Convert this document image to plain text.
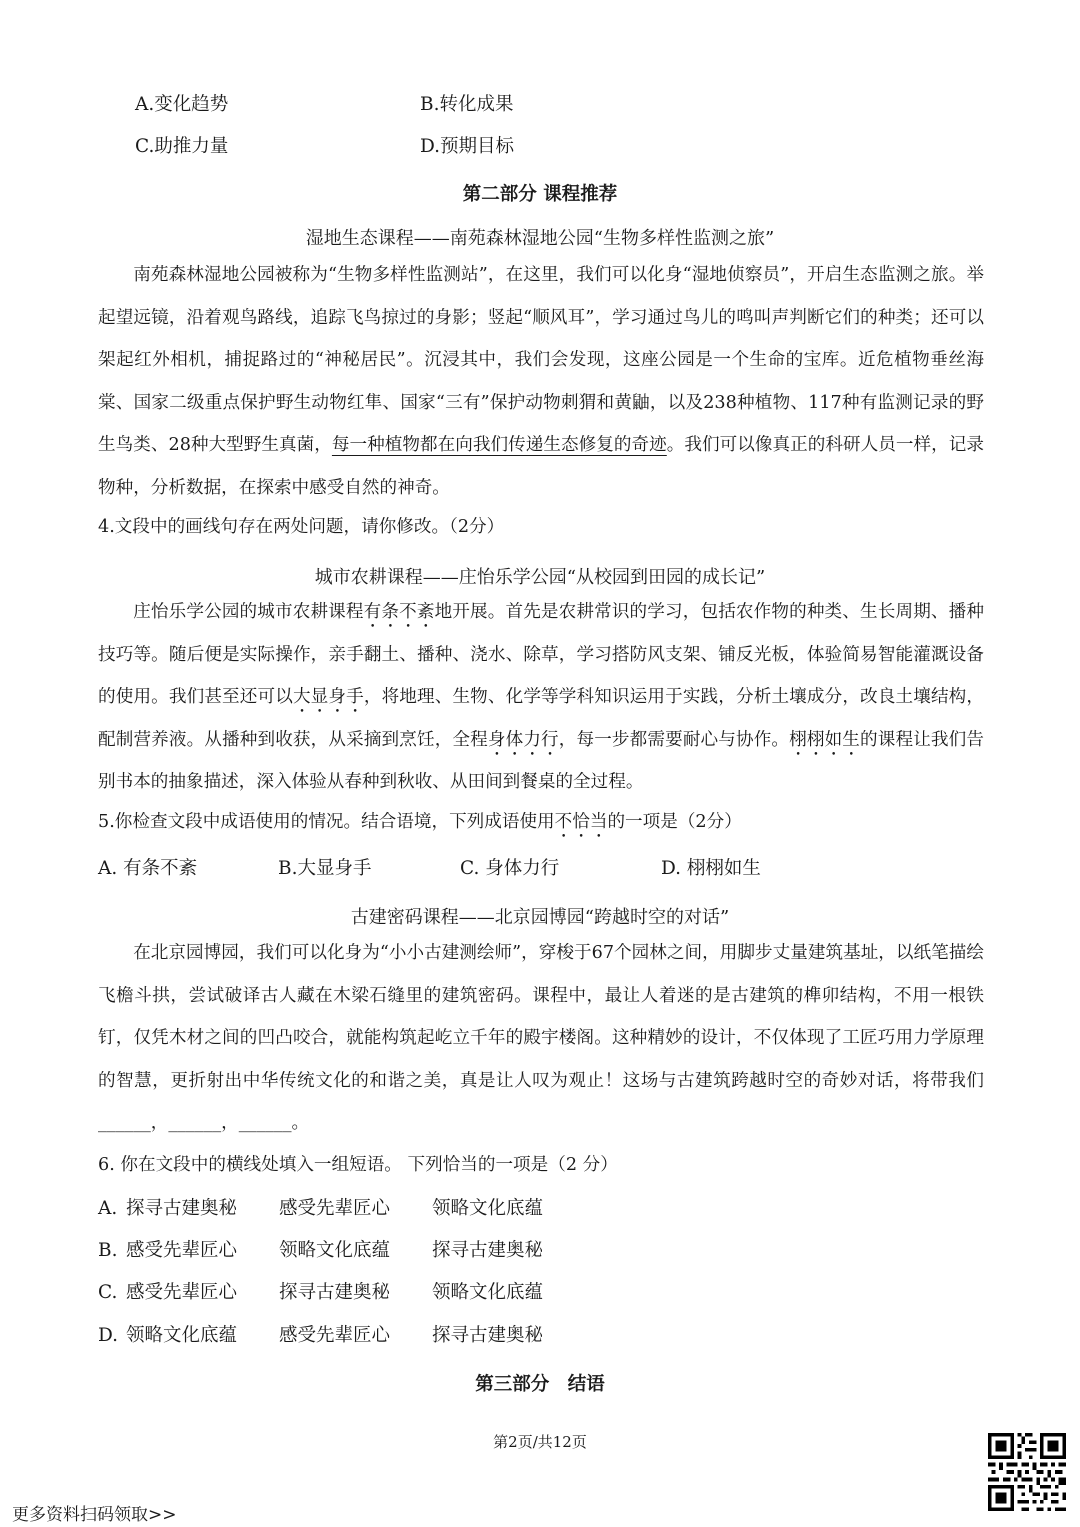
A.变化趋势	B.转化成果
C.助推力量	D.预期目标
第二部分 课程推荐
湿地生态课程——南苑森林湿地公园“生物多样性监测之旅”

南苑森林湿地公园被称为“生物多样性监测站”，在这里，我们可以化身“湿地侦察员”，开启生态监测之旅。举起望远镜，沿着观鸟路线，追踪飞鸟掠过的身影；竖起“顺风耳”，学习通过鸟儿的鸣叫声判断它们的种类；还可以架起红外相机，捕捉路过的“神秘居民”。沉浸其中，我们会发现，这座公园是一个生命的宝库。近危植物垂丝海棠、国家二级重点保护野生动物红隼、国家“三有”保护动物刺猬和黄鼬，以及238种植物、117种有监测记录的野生鸟类、28种大型野生真菌，每一种植物都在向我们传递生态修复的奇迹。我们可以像真正的科研人员一样，记录物种，分析数据，在探索中感受自然的神奇。

4.文段中的画线句存在两处问题，请你修改。（2分）
城市农耕课程——庄怡乐学公园“从校园到田园的成长记”

庄怡乐学公园的城市农耕课程有条不紊地开展。首先是农耕常识的学习，包括农作物的种类、生长周期、播种技巧等。随后便是实际操作，亲手翻土、播种、浇水、除草，学习搭防风支架、铺反光板，体验简易智能灌溉设备的使用。我们甚至还可以大显身手，将地理、生物、化学等学科知识运用于实践，分析土壤成分，改良土壤结构，配制营养液。从播种到收获，从采摘到烹饪，全程身体力行，每一步都需要耐心与协作。栩栩如生的课程让我们告别书本的抽象描述，深入体验从春种到秋收、从田间到餐桌的全过程。

5.你检查文段中成语使用的情况。结合语境，下列成语使用不恰当的一项是（2分）
A. 有条不紊	B.大显身手	C. 身体力行	D. 栩栩如生
古建密码课程——北京园博园“跨越时空的对话”

在北京园博园，我们可以化身为“小小古建测绘师”，穿梭于67个园林之间，用脚步丈量建筑基址，以纸笔描绘飞檐斗拱，尝试破译古人藏在木梁石缝里的建筑密码。课程中，最让人着迷的是古建筑的榫卯结构，不用一根铁钉，仅凭木材之间的凹凸咬合，就能构筑起屹立千年的殿宇楼阁。这种精妙的设计，不仅体现了工匠巧用力学原理的智慧，更折射出中华传统文化的和谐之美，真是让人叹为观止！这场与古建筑跨越时空的奇妙对话，将带我们______，______，______。

6. 你在文段中的横线处填入一组短语。 下列恰当的一项是（2 分）
A. 探寻古建奥秘 感受先辈匠心 领略文化底蕴
B. 感受先辈匠心 领略文化底蕴 探寻古建奥秘
C. 感受先辈匠心 探寻古建奥秘 领略文化底蕴
D. 领略文化底蕴 感受先辈匠心 探寻古建奥秘
第三部分　结语
第2页/共12页
更多资料扫码领取>>
